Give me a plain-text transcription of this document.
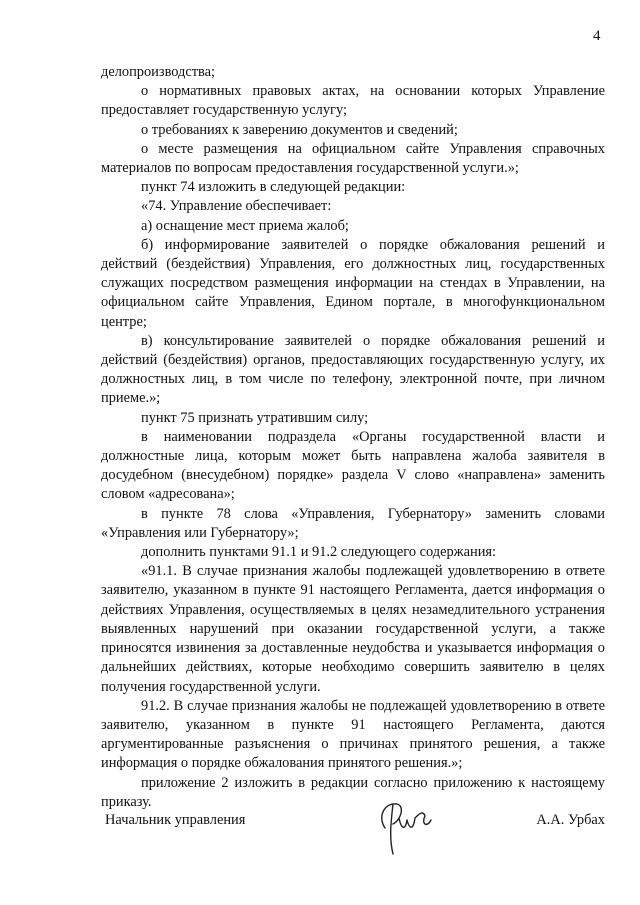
4

делопроизводства;

о нормативных правовых актах, на основании которых Управление предоставляет государственную услугу;

о требованиях к заверению документов и сведений;

о месте размещения на официальном сайте Управления справочных материалов по вопросам предоставления государственной услуги.»;

пункт 74 изложить в следующей редакции:

«74. Управление обеспечивает:

а) оснащение мест приема жалоб;

б) информирование заявителей о порядке обжалования решений и действий (бездействия) Управления, его должностных лиц, государственных служащих посредством размещения информации на стендах в Управлении, на официальном сайте Управления, Едином портале, в многофункциональном центре;

в) консультирование заявителей о порядке обжалования решений и действий (бездействия) органов, предоставляющих государственную услугу, их должностных лиц, в том числе по телефону, электронной почте, при личном приеме.»;

пункт 75 признать утратившим силу;

в наименовании подраздела «Органы государственной власти и должностные лица, которым может быть направлена жалоба заявителя в досудебном (внесудебном) порядке» раздела V слово «направлена» заменить словом «адресована»;

в пункте 78 слова «Управления, Губернатору» заменить словами «Управления или Губернатору»;

дополнить пунктами 91.1 и 91.2 следующего содержания:

«91.1. В случае признания жалобы подлежащей удовлетворению в ответе заявителю, указанном в пункте 91 настоящего Регламента, дается информация о действиях Управления, осуществляемых в целях незамедлительного устранения выявленных нарушений при оказании государственной услуги, а также приносятся извинения за доставленные неудобства и указывается информация о дальнейших действиях, которые необходимо совершить заявителю в целях получения государственной услуги.

91.2. В случае признания жалобы не подлежащей удовлетворению в ответе заявителю, указанном в пункте 91 настоящего Регламента, даются аргументированные разъяснения о причинах принятого решения, а также информация о порядке обжалования принятого решения.»;

приложение 2 изложить в редакции согласно приложению к настоящему приказу.

Начальник управления	А.А. Урбах
